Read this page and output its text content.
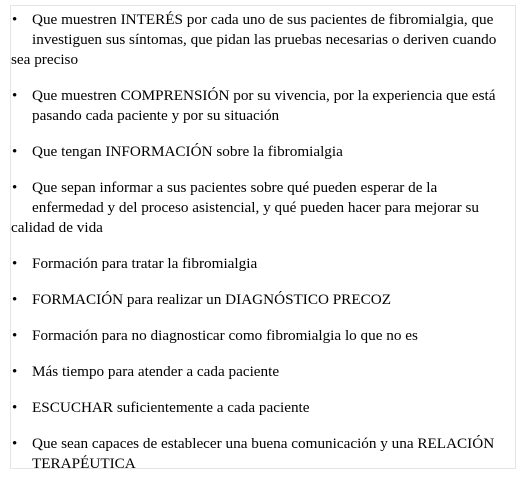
• Que muestren INTERÉS por cada uno de sus pacientes de fibromialgia, que
investiguen sus síntomas, que pidan las pruebas necesarias o deriven cuando
sea preciso
• Que muestren COMPRENSIÓN por su vivencia, por la experiencia que está
pasando cada paciente y por su situación
• Que tengan INFORMACIÓN sobre la fibromialgia
• Que sepan informar a sus pacientes sobre qué pueden esperar de la
enfermedad y del proceso asistencial, y qué pueden hacer para mejorar su
calidad de vida
• Formación para tratar la fibromialgia
• FORMACIÓN para realizar un DIAGNÓSTICO PRECOZ
• Formación para no diagnosticar como fibromialgia lo que no es
• Más tiempo para atender a cada paciente
• ESCUCHAR suficientemente a cada paciente
• Que sean capaces de establecer una buena comunicación y una RELACIÓN
TERAPÉUTICA
